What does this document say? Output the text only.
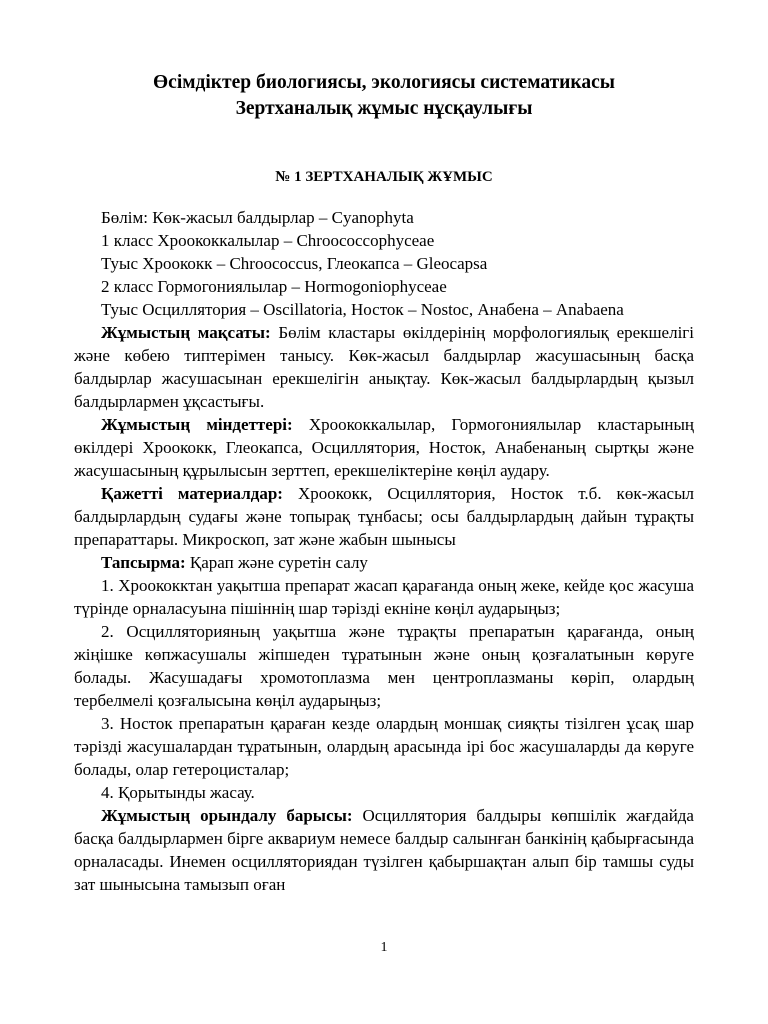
Өсімдіктер биологиясы, экологиясы систематикасы
Зертханалық жұмыс нұсқаулығы
№ 1 ЗЕРТХАНАЛЫҚ ЖҰМЫС

Бөлім: Көк-жасыл балдырлар – Cyanophyta

1 класс Хроококкалылар – Chroococcophyceae

Туыс Хроококк – Chroococcus, Глеокапса – Gleocapsa

2 класс Гормогониялылар – Hormogoniophyceae

Туыс Осциллятория – Oscillatoria, Носток – Nostoc, Анабена – Anabaena

Жұмыстың мақсаты: Бөлім кластары өкілдерінің морфологиялық ерекшелігі және көбею типтерімен танысу. Көк-жасыл балдырлар жасушасының басқа балдырлар жасушасынан ерекшелігін анықтау. Көк-жасыл балдырлардың қызыл балдырлармен ұқсастығы.

Жұмыстың міндеттері: Хроококкалылар, Гормогониялылар кластарының өкілдері Хроококк, Глеокапса, Осциллятория, Носток, Анабенаның сыртқы және жасушасының құрылысын зерттеп, ерекшеліктеріне көңіл аудару.

Қажетті материалдар: Хроококк, Осциллятория, Носток т.б. көк-жасыл балдырлардың судағы және топырақ тұнбасы; осы балдырлардың дайын тұрақты препараттары. Микроскоп, зат және жабын шынысы

Тапсырма: Қарап және суретін салу

1. Хроококктан уақытша препарат жасап қарағанда оның жеке, кейде қос жасуша түрінде орналасуына пішіннің шар тәрізді екніне көңіл аударыңыз;

2. Осцилляторияның уақытша және тұрақты препаратын қарағанда, оның жіңішке көпжасушалы жіпшеден тұратынын және оның қозғалатынын көруге болады. Жасушадағы хромотоплазма мен центроплазманы көріп, олардың тербелмелі қозғалысына көңіл аударыңыз;

3. Носток препаратын қараған кезде олардың моншақ сияқты тізілген ұсақ шар тәрізді жасушалардан тұратынын, олардың арасында ірі бос жасушаларды да көруге болады, олар гетероцисталар;

4. Қорытынды жасау.

Жұмыстың орындалу барысы: Осциллятория балдыры көпшілік жағдайда басқа балдырлармен бірге аквариум немесе балдыр салынған банкінің қабырғасында орналасады. Инемен осцилляториядан түзілген қабыршақтан алып бір тамшы суды зат шынысына тамызып оған

1
